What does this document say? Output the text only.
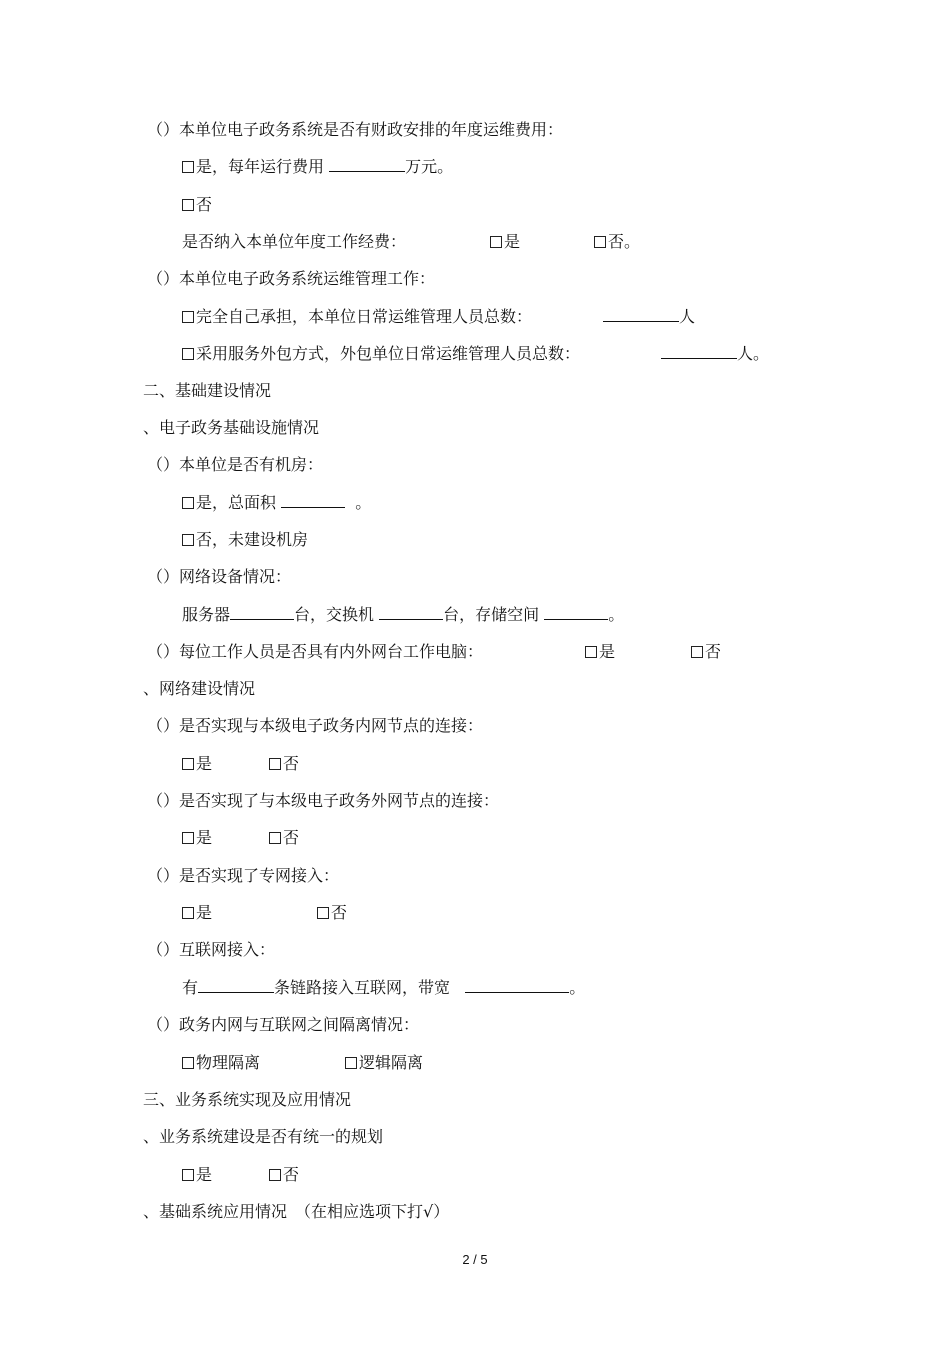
（）本单位电子政务系统是否有财政安排的年度运维费用：
是，每年运行费用	万元。
否
是否纳入本单位年度工作经费：	是	否。
（）本单位电子政务系统运维管理工作：
完全自己承担，本单位日常运维管理人员总数：	人
采用服务外包方式，外包单位日常运维管理人员总数：	人。
二、基础建设情况
、电子政务基础设施情况
（）本单位是否有机房：
是，总面积	。
否，未建设机房
（）网络设备情况：
服务器	台，交换机	台，存储空间	。
（）每位工作人员是否具有内外网台工作电脑：	是	否
、网络建设情况
（）是否实现与本级电子政务内网节点的连接：
是	否
（）是否实现了与本级电子政务外网节点的连接：
是	否
（）是否实现了专网接入：
是	否
（）互联网接入：
有	条链路接入互联网，带宽	。
（）政务内网与互联网之间隔离情况：
物理隔离	逻辑隔离
三、业务系统实现及应用情况
、业务系统建设是否有统一的规划
是	否
、基础系统应用情况　（在相应选项下打√）
2 / 5
